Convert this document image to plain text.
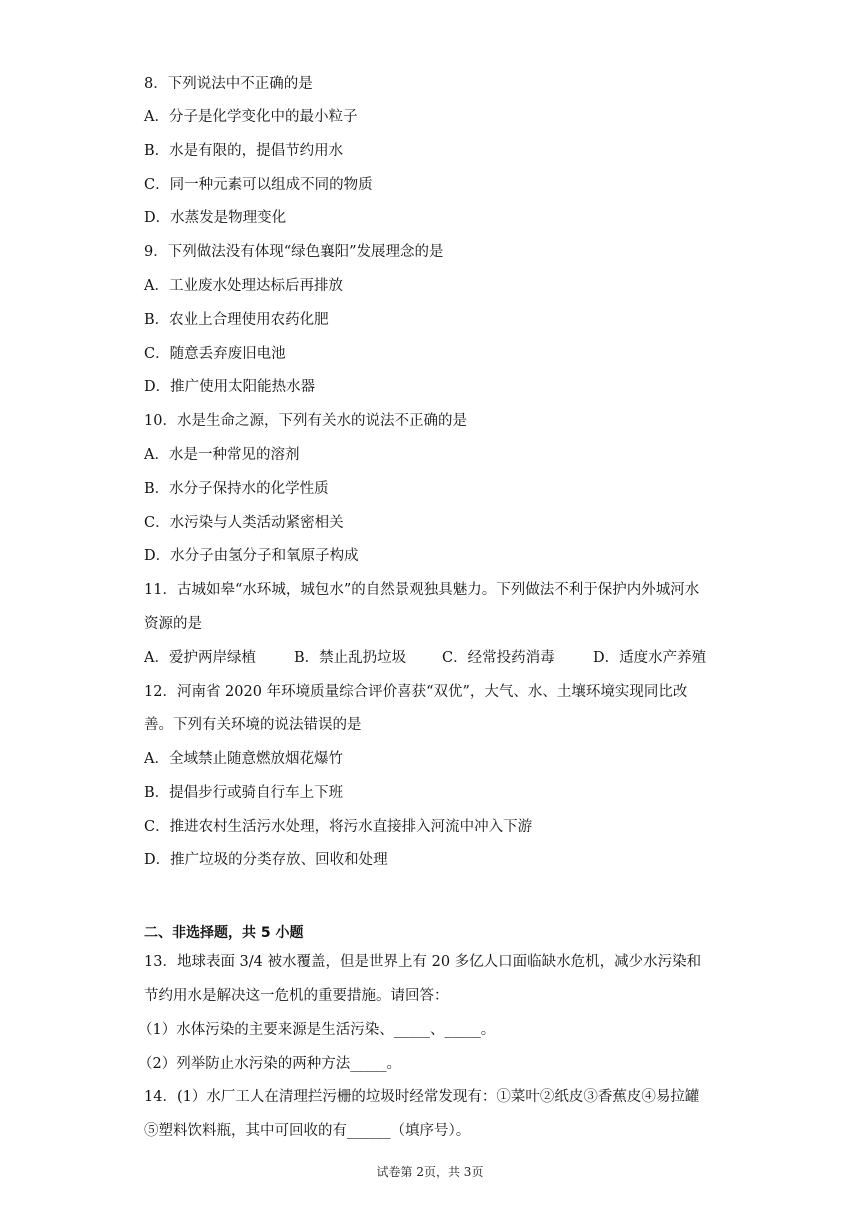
8．下列说法中不正确的是
A．分子是化学变化中的最小粒子
B．水是有限的，提倡节约用水
C．同一种元素可以组成不同的物质
D．水蒸发是物理变化
9．下列做法没有体现“绿色襄阳”发展理念的是
A．工业废水处理达标后再排放
B．农业上合理使用农药化肥
C．随意丢弃废旧电池
D．推广使用太阳能热水器
10．水是生命之源，下列有关水的说法不正确的是
A．水是一种常见的溶剂
B．水分子保持水的化学性质
C．水污染与人类活动紧密相关
D．水分子由氢分子和氧原子构成
11．古城如皋“水环城，城包水”的自然景观独具魅力。下列做法不利于保护内外城河水
资源的是
A．爱护两岸绿植	B．禁止乱扔垃圾 C．经常投药消毒	D．适度水产养殖
12．河南省 2020 年环境质量综合评价喜获“双优”，大气、水、土壤环境实现同比改
善。下列有关环境的说法错误的是
A．全域禁止随意燃放烟花爆竹
B．提倡步行或骑自行车上下班
C．推进农村生活污水处理，将污水直接排入河流中冲入下游
D．推广垃圾的分类存放、回收和处理
二、非选择题，共 5 小题
13．地球表面 3/4 被水覆盖，但是世界上有 20 多亿人口面临缺水危机，减少水污染和
节约用水是解决这一危机的重要措施。请回答：
（1）水体污染的主要来源是生活污染、_____、_____。
（2）列举防止水污染的两种方法_____。
14．(1）水厂工人在清理拦污栅的垃圾时经常发现有：①菜叶②纸皮③香蕉皮④易拉罐
⑤塑料饮料瓶，其中可回收的有______（填序号）。
试卷第 2页，共 3页
